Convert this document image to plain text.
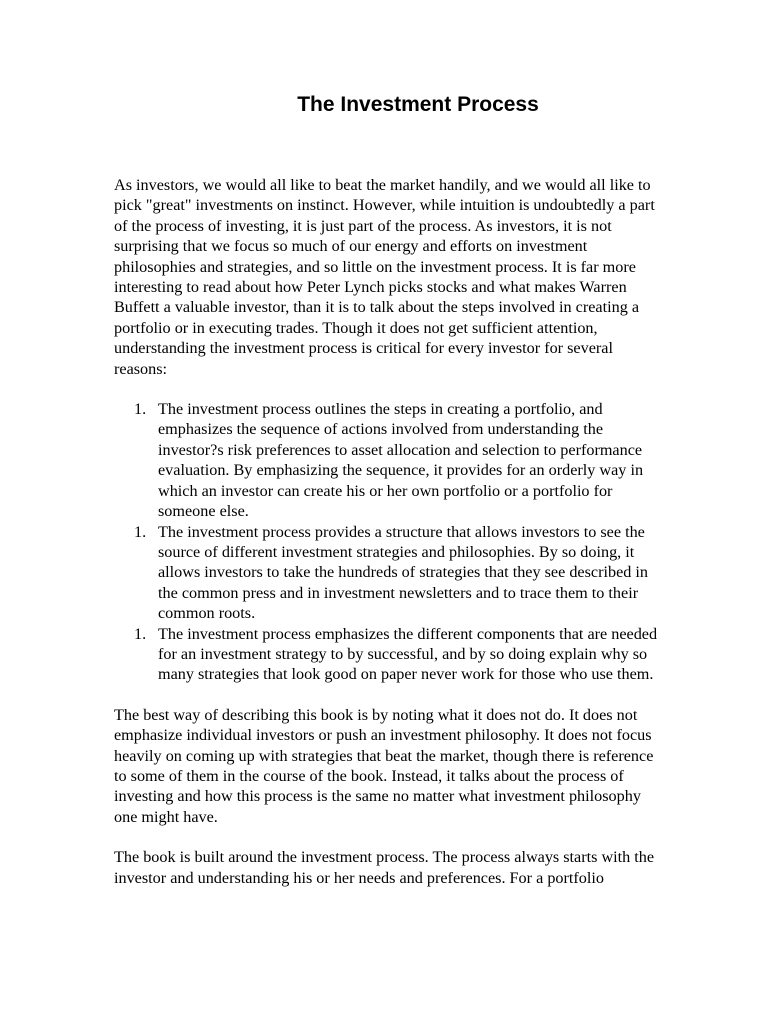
The Investment Process

As investors, we would all like to beat the market handily, and we would all like to pick "great" investments on instinct. However, while intuition is undoubtedly a part of the process of investing, it is just part of the process. As investors, it is not surprising that we focus so much of our energy and efforts on investment philosophies and strategies, and so little on the investment process. It is far more interesting to read about how Peter Lynch picks stocks and what makes Warren Buffett a valuable investor, than it is to talk about the steps involved in creating a portfolio or in executing trades. Though it does not get sufficient attention, understanding the investment process is critical for every investor for several reasons:

1. The investment process outlines the steps in creating a portfolio, and emphasizes the sequence of actions involved from understanding the investor?s risk preferences to asset allocation and selection to performance evaluation. By emphasizing the sequence, it provides for an orderly way in which an investor can create his or her own portfolio or a portfolio for someone else.
1. The investment process provides a structure that allows investors to see the source of different investment strategies and philosophies. By so doing, it allows investors to take the hundreds of strategies that they see described in the common press and in investment newsletters and to trace them to their common roots.
1. The investment process emphasizes the different components that are needed for an investment strategy to by successful, and by so doing explain why so many strategies that look good on paper never work for those who use them.

The best way of describing this book is by noting what it does not do. It does not emphasize individual investors or push an investment philosophy. It does not focus heavily on coming up with strategies that beat the market, though there is reference to some of them in the course of the book. Instead, it talks about the process of investing and how this process is the same no matter what investment philosophy one might have.

The book is built around the investment process. The process always starts with the investor and understanding his or her needs and preferences. For a portfolio
